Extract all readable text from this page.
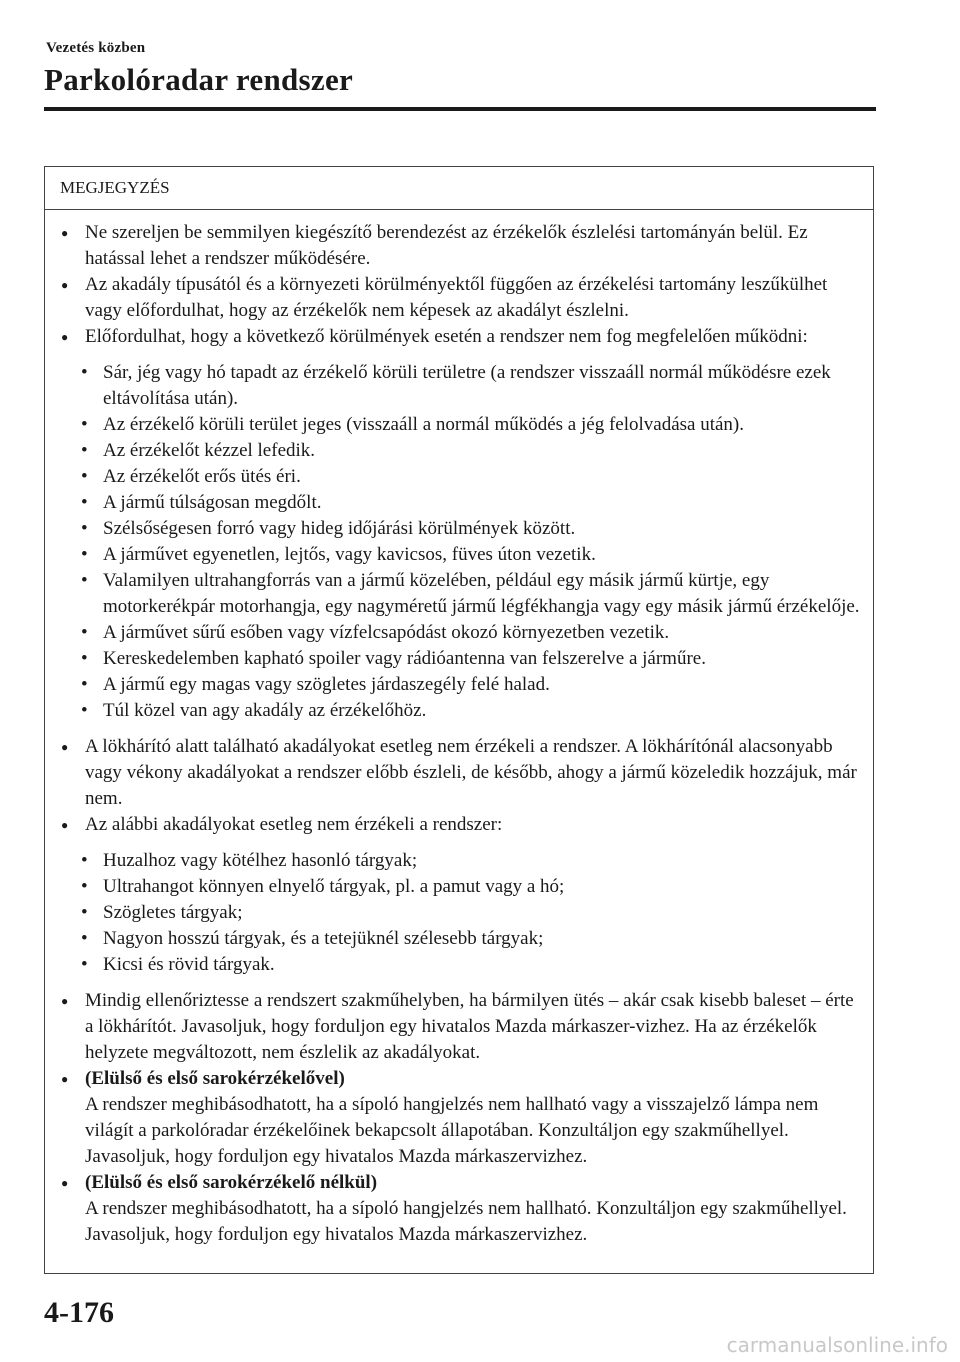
Vezetés közben
Parkolóradar rendszer
MEGJEGYZÉS
● Ne szereljen be semmilyen kiegészítő berendezést az érzékelők észlelési tartományán belül. Ez hatással lehet a rendszer működésére.
● Az akadály típusától és a környezeti körülményektől függően az érzékelési tartomány leszűkülhet vagy előfordulhat, hogy az érzékelők nem képesek az akadályt észlelni.
● Előfordulhat, hogy a következő körülmények esetén a rendszer nem fog megfelelően működni:
• Sár, jég vagy hó tapadt az érzékelő körüli területre (a rendszer visszaáll normál működésre ezek eltávolítása után).
• Az érzékelő körüli terület jeges (visszaáll a normál működés a jég felolvadása után).
• Az érzékelőt kézzel lefedik.
• Az érzékelőt erős ütés éri.
• A jármű túlságosan megdőlt.
• Szélsőségesen forró vagy hideg időjárási körülmények között.
• A járművet egyenetlen, lejtős, vagy kavicsos, füves úton vezetik.
• Valamilyen ultrahangforrás van a jármű közelében, például egy másik jármű kürtje, egy motorkerékpár motorhangja, egy nagyméretű jármű légfékhangja vagy egy másik jármű érzékelője.
• A járművet sűrű esőben vagy vízfelcsapódást okozó környezetben vezetik.
• Kereskedelemben kapható spoiler vagy rádióantenna van felszerelve a járműre.
• A jármű egy magas vagy szögletes járdaszegély felé halad.
• Túl közel van agy akadály az érzékelőhöz.
● A lökhárító alatt található akadályokat esetleg nem érzékeli a rendszer. A lökhárítónál alacsonyabb vagy vékony akadályokat a rendszer előbb észleli, de később, ahogy a jármű közeledik hozzájuk, már nem.
● Az alábbi akadályokat esetleg nem érzékeli a rendszer:
• Huzalhoz vagy kötélhez hasonló tárgyak;
• Ultrahangot könnyen elnyelő tárgyak, pl. a pamut vagy a hó;
• Szögletes tárgyak;
• Nagyon hosszú tárgyak, és a tetejüknél szélesebb tárgyak;
• Kicsi és rövid tárgyak.
● Mindig ellenőriztesse a rendszert szakműhelyben, ha bármilyen ütés – akár csak kisebb baleset – érte a lökhárítót. Javasoljuk, hogy forduljon egy hivatalos Mazda márkaszer-vizhez. Ha az érzékelők helyzete megváltozott, nem észlelik az akadályokat.
● (Elülső és első sarokérzékelővel)
A rendszer meghibásodhatott, ha a sípoló hangjelzés nem hallható vagy a visszajelző lámpa nem világít a parkolóradar érzékelőinek bekapcsolt állapotában. Konzultáljon egy szakműhellyel. Javasoljuk, hogy forduljon egy hivatalos Mazda márkaszervizhez.
● (Elülső és első sarokérzékelő nélkül)
A rendszer meghibásodhatott, ha a sípoló hangjelzés nem hallható. Konzultáljon egy szakműhellyel. Javasoljuk, hogy forduljon egy hivatalos Mazda márkaszervizhez.
4-176
carmanualsonline.info
